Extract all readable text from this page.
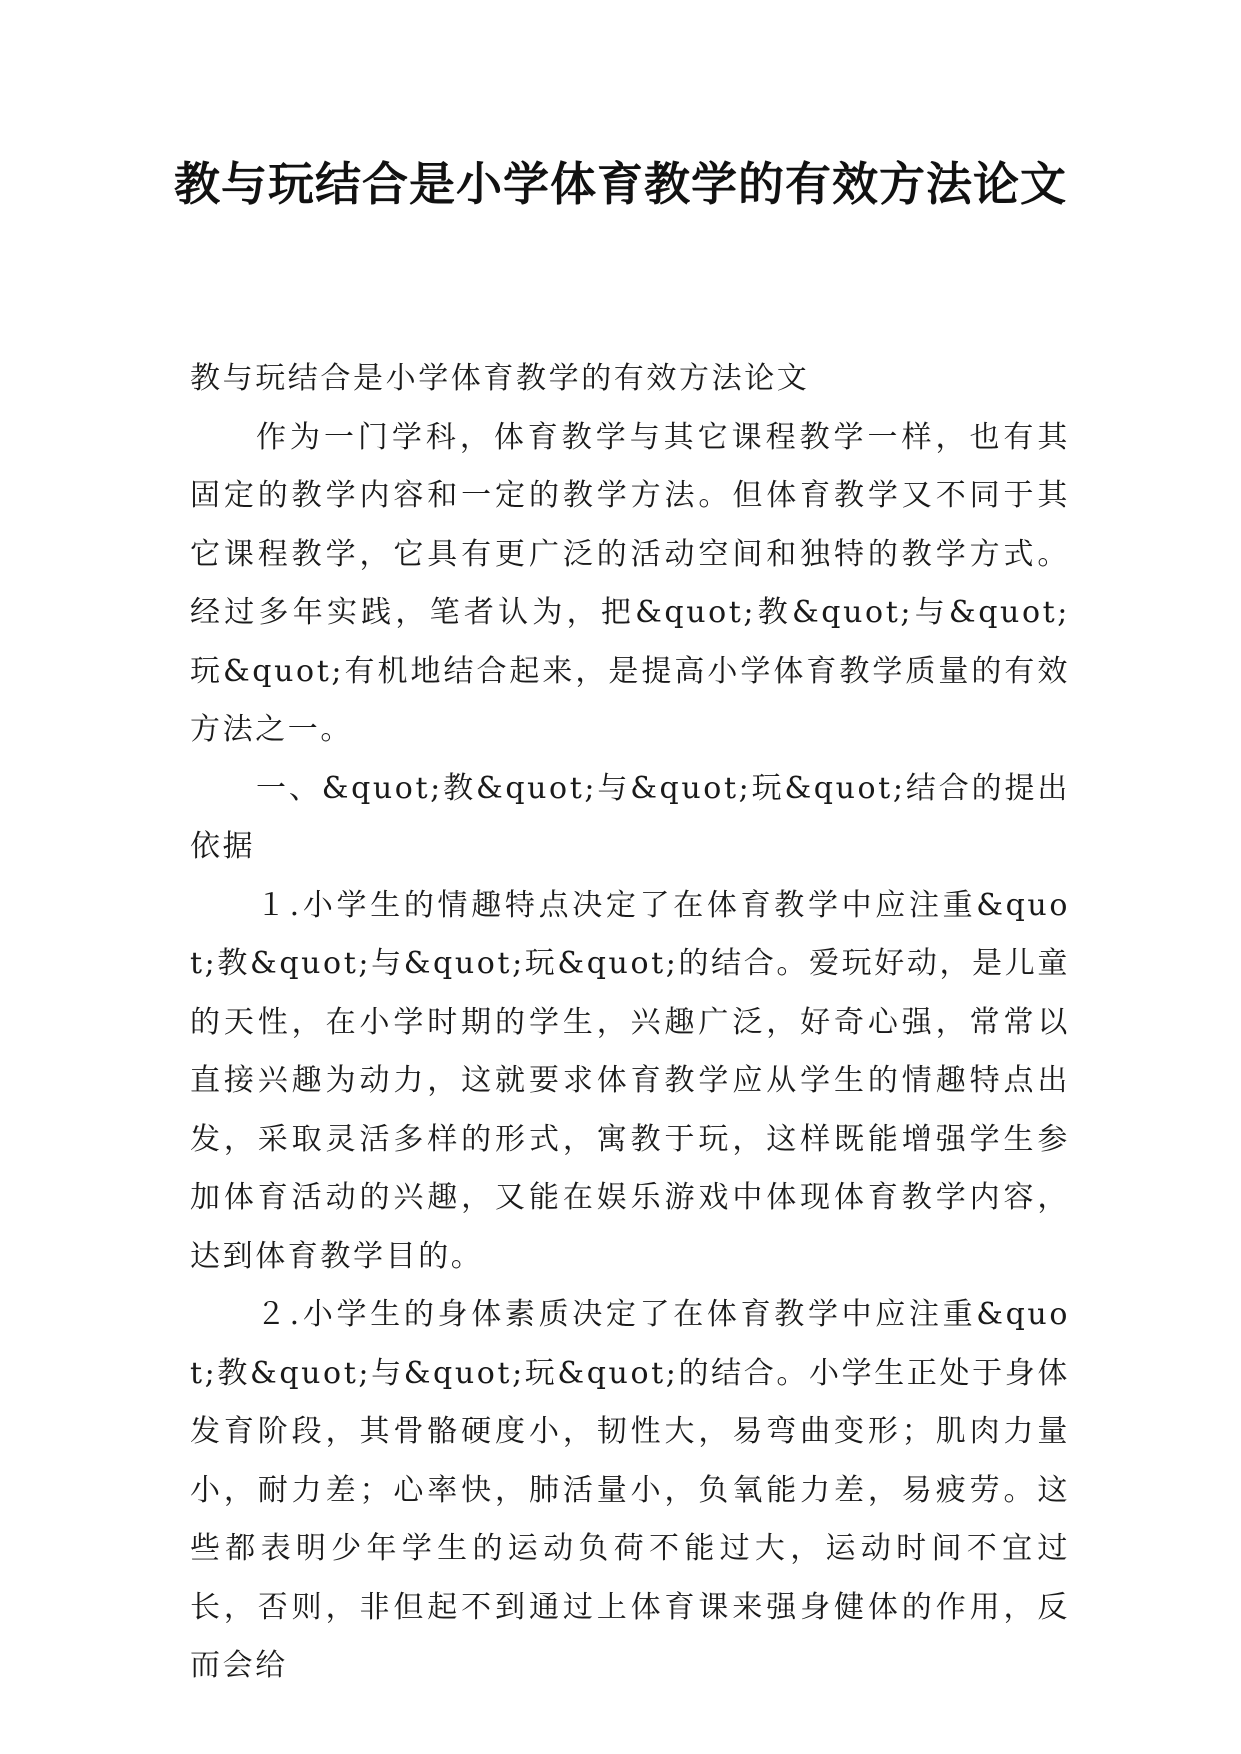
教与玩结合是小学体育教学的有效方法论文

教与玩结合是小学体育教学的有效方法论文

作为一门学科，体育教学与其它课程教学一样，也有其固定的教学内容和一定的教学方法。但体育教学又不同于其它课程教学，它具有更广泛的活动空间和独特的教学方式。经过多年实践，笔者认为，把&quot;教&quot;与&quot;玩&quot;有机地结合起来，是提高小学体育教学质量的有效方法之一。

一、&quot;教&quot;与&quot;玩&quot;结合的提出依据

１.小学生的情趣特点决定了在体育教学中应注重&quot;教&quot;与&quot;玩&quot;的结合。爱玩好动，是儿童的天性，在小学时期的学生，兴趣广泛，好奇心强，常常以直接兴趣为动力，这就要求体育教学应从学生的情趣特点出发，采取灵活多样的形式，寓教于玩，这样既能增强学生参加体育活动的兴趣，又能在娱乐游戏中体现体育教学内容，达到体育教学目的。

２.小学生的身体素质决定了在体育教学中应注重&quot;教&quot;与&quot;玩&quot;的结合。小学生正处于身体发育阶段，其骨骼硬度小，韧性大，易弯曲变形；肌肉力量小，耐力差；心率快，肺活量小，负氧能力差，易疲劳。这些都表明少年学生的运动负荷不能过大，运动时间不宜过长，否则，非但起不到通过上体育课来强身健体的作用，反而会给
